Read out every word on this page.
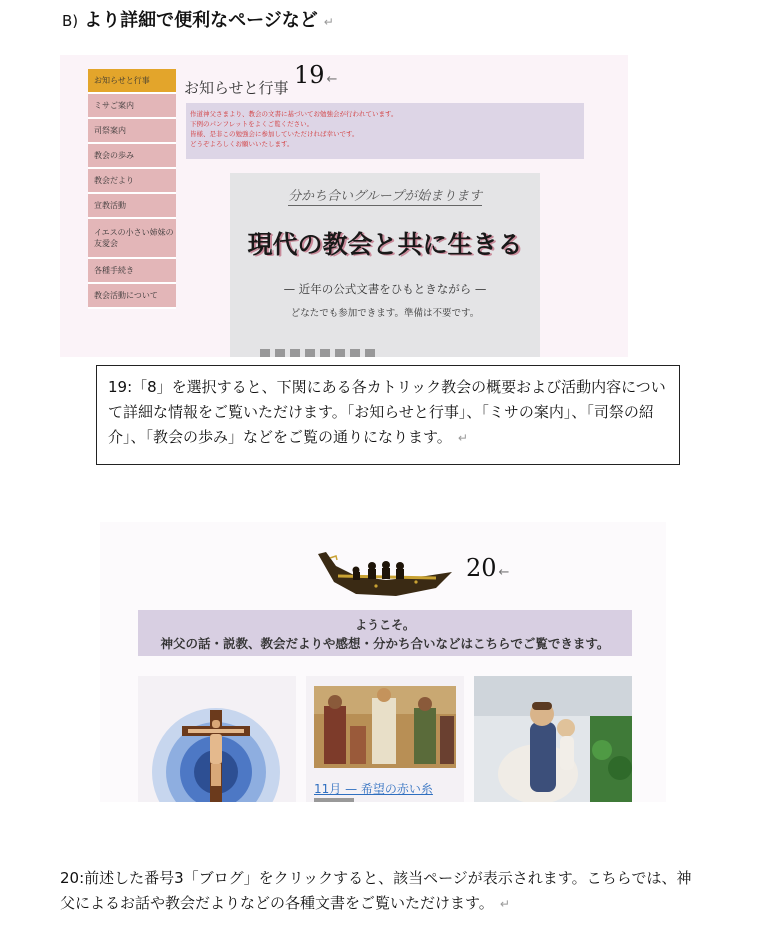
B) より詳細で便利なページなど ↵
お知らせと行事
ミサご案内
司祭案内
教会の歩み
教会だより
宣教活動
イエスの小さい姉妹の友愛会
各種手続き
教会活動について
お知らせと行事 19 ←
作道神父さまより、教会の文書に基づいてお勉強会が行われています。
下例のパンフレットをよくご覧ください。
皆様、是非この勉強会に参加していただければ幸いです。
どうぞよろしくお願いいたします。
分かち合いグループが始まります
現代の教会と共に生きる
— 近年の公式文書をひもときながら —
どなたでも参加できます。準備は不要です。
19:「8」を選択すると、下関にある各カトリック教会の概要および活動内容について詳細な情報をご覧いただけます。「お知らせと行事」、「ミサの案内」、「司祭の紹介」、「教会の歩み」などをご覧の通りになります。 ↵
20 ←
ようこそ。
神父の話・説教、教会だよりや感想・分かち合いなどはこちらでご覧できます。
11月 — 希望の赤い糸
20:前述した番号3「ブログ」をクリックすると、該当ページが表示されます。こちらでは、神父によるお話や教会だよりなどの各種文書をご覧いただけます。 ↵
